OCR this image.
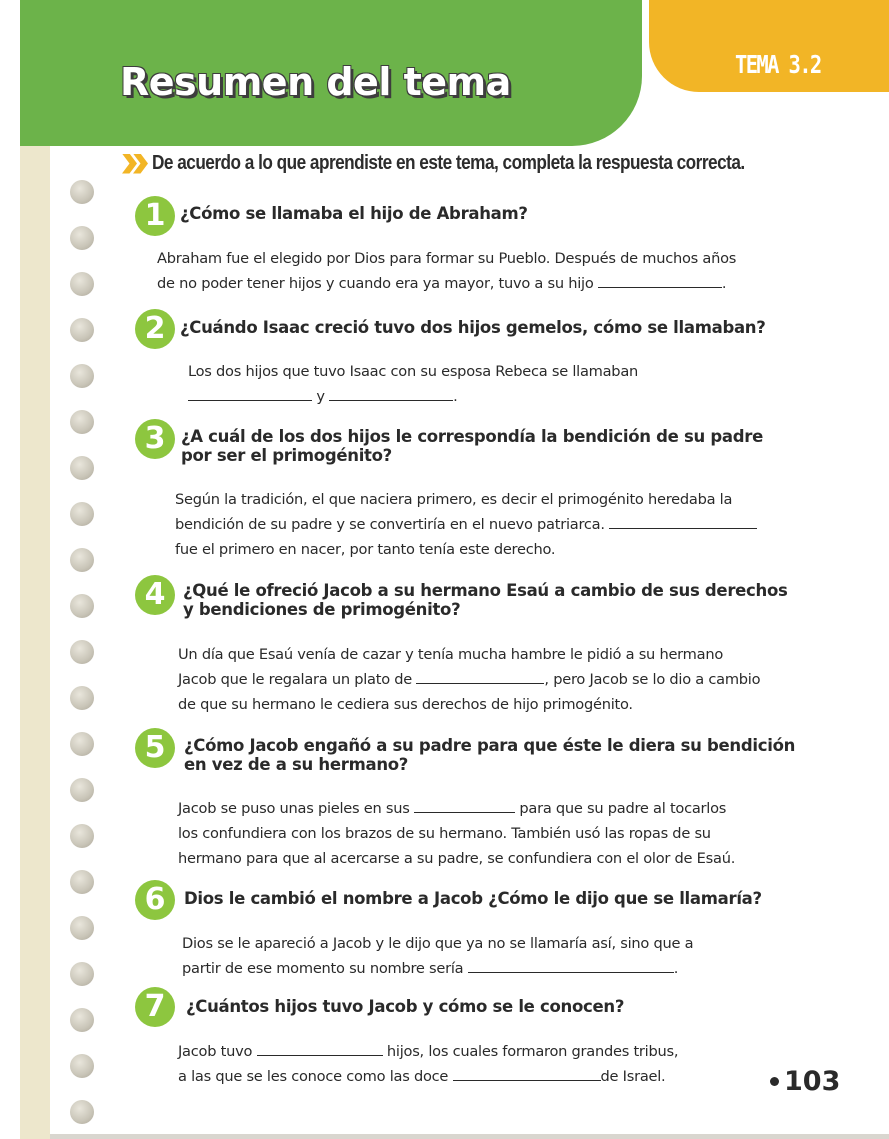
Resumen del tema	TEMA 3.2
De acuerdo a lo que aprendiste en este tema, completa la respuesta correcta.
1 ¿Cómo se llamaba el hijo de Abraham?
Abraham fue el elegido por Dios para formar su Pueblo. Después de muchos años
de no poder tener hijos y cuando era ya mayor, tuvo a su hijo	.
2 ¿Cuándo Isaac creció tuvo dos hijos gemelos, cómo se llamaban?
Los dos hijos que tuvo Isaac con su esposa Rebeca se llamaban
y	.
3 ¿A cuál de los dos hijos le correspondía la bendición de su padre
por ser el primogénito?
Según la tradición, el que naciera primero, es decir el primogénito heredaba la
bendición de su padre y se convertiría en el nuevo patriarca.
fue el primero en nacer, por tanto tenía este derecho.
4	¿Qué le ofreció Jacob a su hermano Esaú a cambio de sus derechos
y bendiciones de primogénito?
Un día que Esaú venía de cazar y tenía mucha hambre le pidió a su hermano
Jacob que le regalara un plato de	, pero Jacob se lo dio a cambio
de que su hermano le cediera sus derechos de hijo primogénito.
5	¿Cómo Jacob engañó a su padre para que éste le diera su bendición
en vez de a su hermano?
Jacob se puso unas pieles en sus	para que su padre al tocarlos
los confundiera con los brazos de su hermano. También usó las ropas de su
hermano para que al acercarse a su padre, se confundiera con el olor de Esaú.
6	Dios le cambió el nombre a Jacob ¿Cómo le dijo que se llamaría?
Dios se le apareció a Jacob y le dijo que ya no se llamaría así, sino que a
partir de ese momento su nombre sería	.
7	¿Cuántos hijos tuvo Jacob y cómo se le conocen?
Jacob tuvo	hijos, los cuales formaron grandes tribus,
a las que se les conoce como las doce	de Israel.	103
